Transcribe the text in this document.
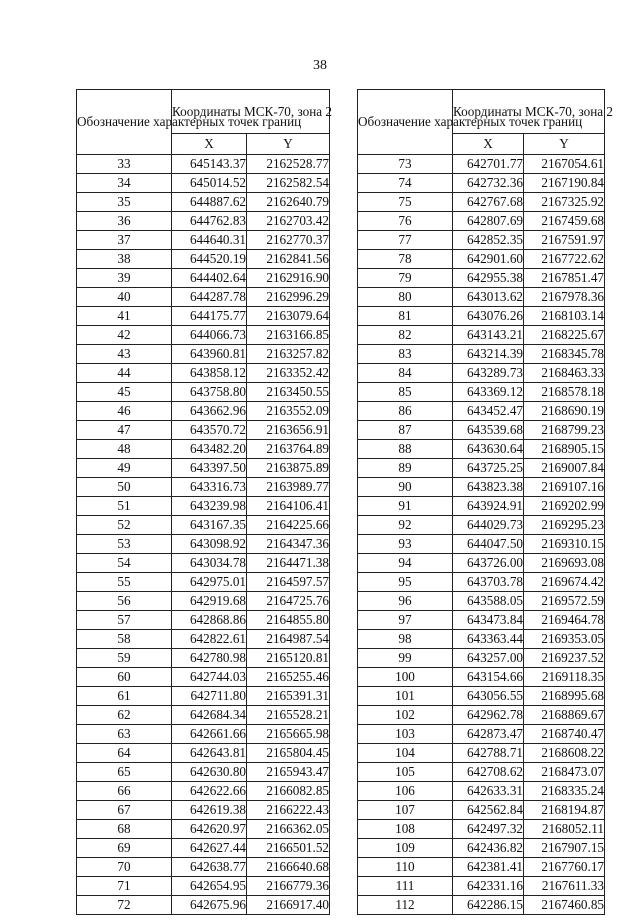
38
Обозначение характерных точек границ	Координаты МСК-70, зона 2	
	X	Y
33	645143.37	2162528.77
34	645014.52	2162582.54
35	644887.62	2162640.79
36	644762.83	2162703.42
37	644640.31	2162770.37
38	644520.19	2162841.56
39	644402.64	2162916.90
40	644287.78	2162996.29
41	644175.77	2163079.64
42	644066.73	2163166.85
43	643960.81	2163257.82
44	643858.12	2163352.42
45	643758.80	2163450.55
46	643662.96	2163552.09
47	643570.72	2163656.91
48	643482.20	2163764.89
49	643397.50	2163875.89
50	643316.73	2163989.77
51	643239.98	2164106.41
52	643167.35	2164225.66
53	643098.92	2164347.36
54	643034.78	2164471.38
55	642975.01	2164597.57
56	642919.68	2164725.76
57	642868.86	2164855.80
58	642822.61	2164987.54
59	642780.98	2165120.81
60	642744.03	2165255.46
61	642711.80	2165391.31
62	642684.34	2165528.21
63	642661.66	2165665.98
64	642643.81	2165804.45
65	642630.80	2165943.47
66	642622.66	2166082.85
67	642619.38	2166222.43
68	642620.97	2166362.05
69	642627.44	2166501.52
70	642638.77	2166640.68
71	642654.95	2166779.36
72	642675.96	2166917.40
Обозначение характерных точек границ	Координаты МСК-70, зона 2	
	X	Y
73	642701.77	2167054.61
74	642732.36	2167190.84
75	642767.68	2167325.92
76	642807.69	2167459.68
77	642852.35	2167591.97
78	642901.60	2167722.62
79	642955.38	2167851.47
80	643013.62	2167978.36
81	643076.26	2168103.14
82	643143.21	2168225.67
83	643214.39	2168345.78
84	643289.73	2168463.33
85	643369.12	2168578.18
86	643452.47	2168690.19
87	643539.68	2168799.23
88	643630.64	2168905.15
89	643725.25	2169007.84
90	643823.38	2169107.16
91	643924.91	2169202.99
92	644029.73	2169295.23
93	644047.50	2169310.15
94	643726.00	2169693.08
95	643703.78	2169674.42
96	643588.05	2169572.59
97	643473.84	2169464.78
98	643363.44	2169353.05
99	643257.00	2169237.52
100	643154.66	2169118.35
101	643056.55	2168995.68
102	642962.78	2168869.67
103	642873.47	2168740.47
104	642788.71	2168608.22
105	642708.62	2168473.07
106	642633.31	2168335.24
107	642562.84	2168194.87
108	642497.32	2168052.11
109	642436.82	2167907.15
110	642381.41	2167760.17
111	642331.16	2167611.33
112	642286.15	2167460.85
